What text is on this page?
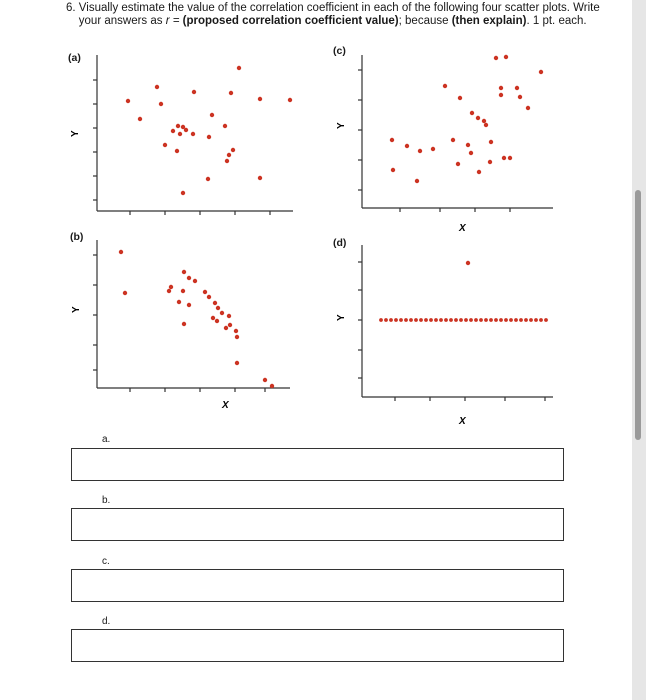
6. Visually estimate the value of the correlation coefficient in each of the following four scatter plots. Write
your answers as r = (proposed correlation coefficient value); because (then explain). 1 pt. each.
(a)
(c)
(b)	(d)
Y
Y
X
Y
X
Y
X
a.
b.
c.
d.
